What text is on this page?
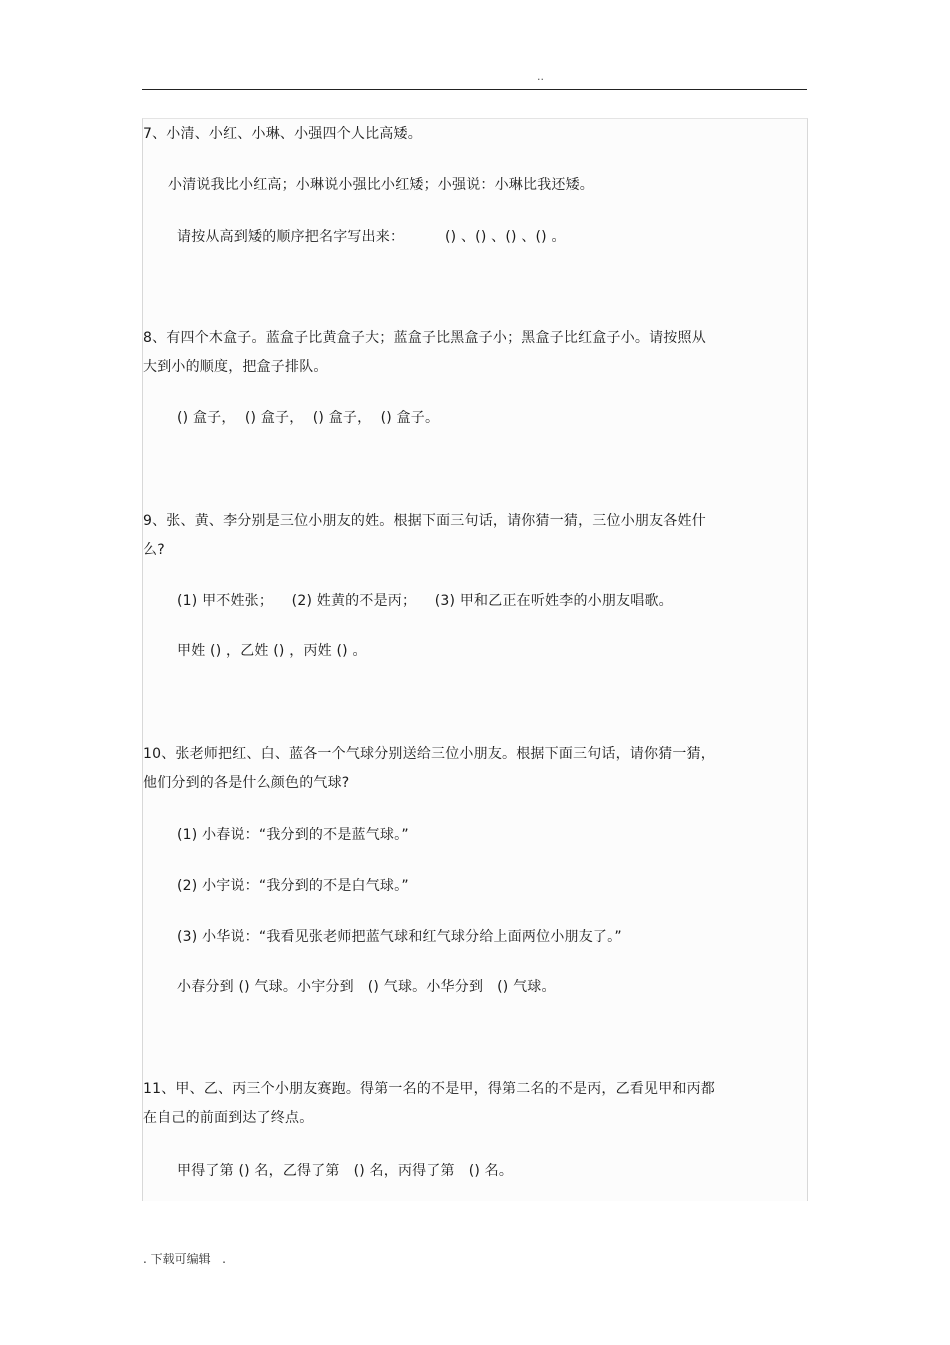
..
7、小清、小红、小琳、小强四个人比高矮。
小清说我比小红高；小琳说小强比小红矮；小强说：小琳比我还矮。
请按从高到矮的顺序把名字写出来：	() 、() 、() 、() 。
8、有四个木盒子。蓝盒子比黄盒子大；蓝盒子比黑盒子小；黑盒子比红盒子小。请按照从
大到小的顺度，把盒子排队。
() 盒子，  () 盒子，  () 盒子，  () 盒子。
9、张、黄、李分别是三位小朋友的姓。根据下面三句话，请你猜一猜，三位小朋友各姓什
么?
(1) 甲不姓张；    (2) 姓黄的不是丙；    (3) 甲和乙正在听姓李的小朋友唱歌。
甲姓 () ，乙姓 () ，丙姓 () 。
10、张老师把红、白、蓝各一个气球分别送给三位小朋友。根据下面三句话，请你猜一猜，
他们分到的各是什么颜色的气球?
(1) 小春说：“我分到的不是蓝气球。”
(2) 小宇说：“我分到的不是白气球。”
(3) 小华说：“我看见张老师把蓝气球和红气球分给上面两位小朋友了。”
小春分到 () 气球。小宇分到   () 气球。小华分到   () 气球。
11、甲、乙、丙三个小朋友赛跑。得第一名的不是甲，得第二名的不是丙，乙看见甲和丙都
在自己的前面到达了终点。
甲得了第 () 名，乙得了第   () 名，丙得了第   () 名。
. 下载可编辑   .
